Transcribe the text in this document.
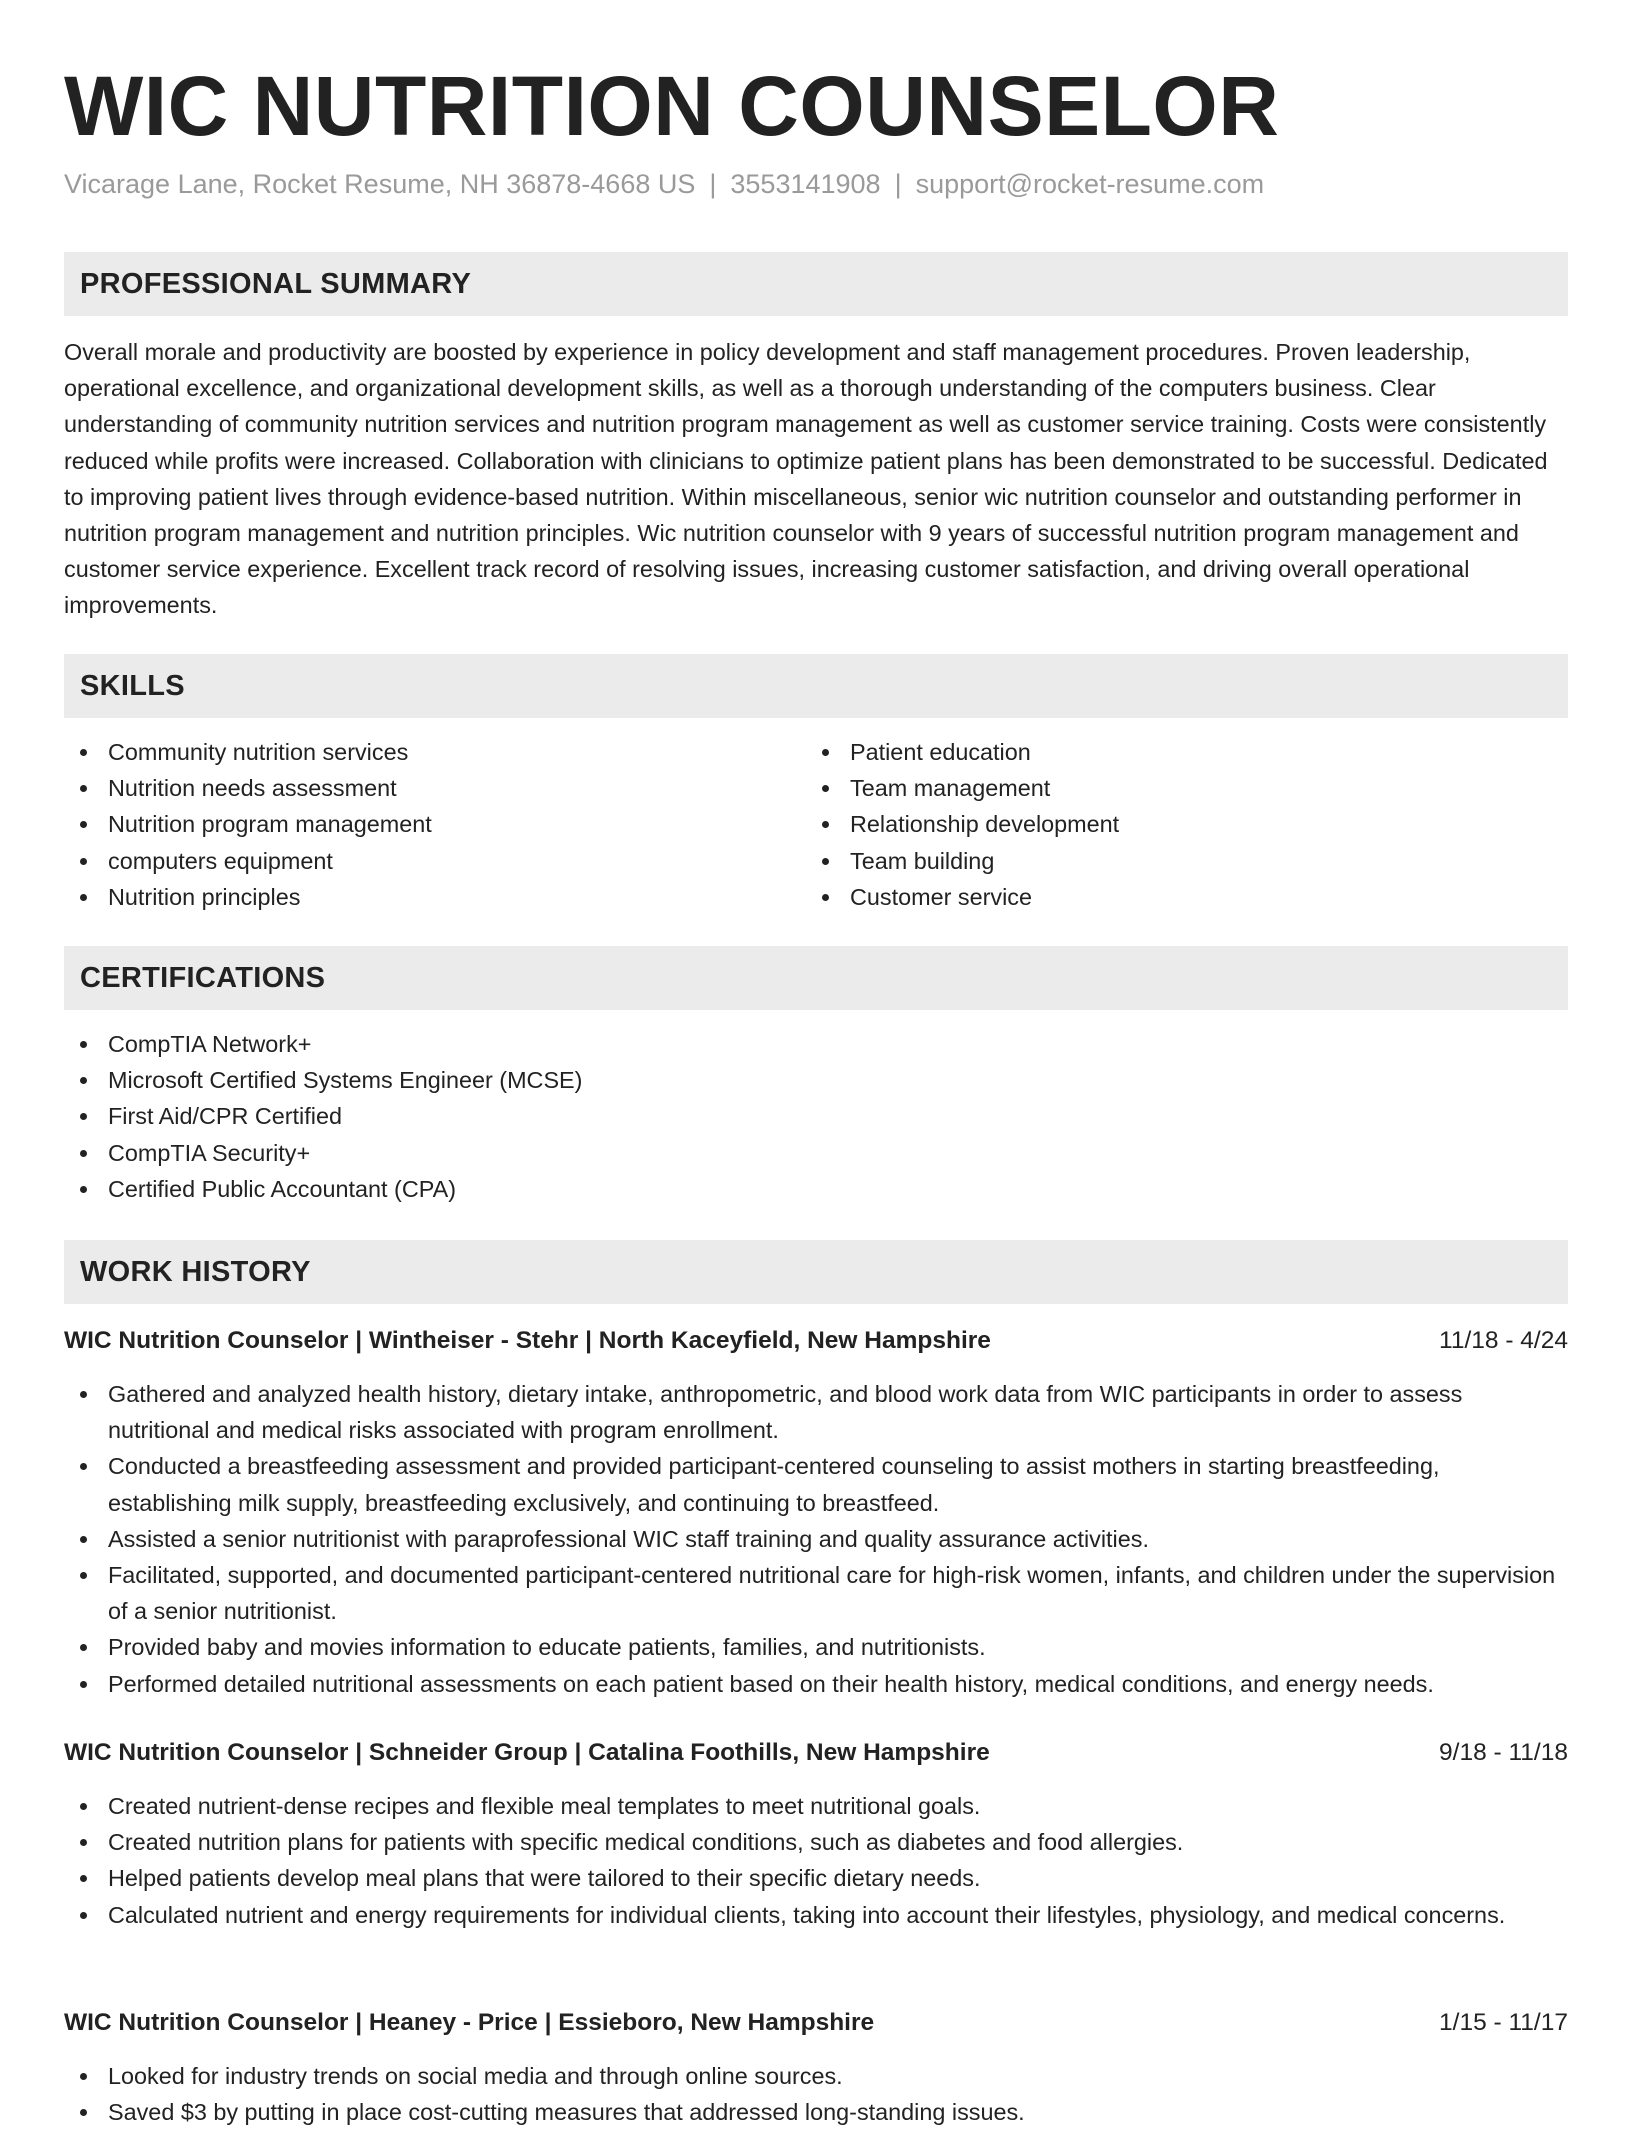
WIC NUTRITION COUNSELOR
Vicarage Lane, Rocket Resume, NH 36878-4668 US | 3553141908 | support@rocket-resume.com
PROFESSIONAL SUMMARY

Overall morale and productivity are boosted by experience in policy development and staff management procedures. Proven leadership, operational excellence, and organizational development skills, as well as a thorough understanding of the computers business. Clear understanding of community nutrition services and nutrition program management as well as customer service training. Costs were consistently reduced while profits were increased. Collaboration with clinicians to optimize patient plans has been demonstrated to be successful. Dedicated to improving patient lives through evidence-based nutrition. Within miscellaneous, senior wic nutrition counselor and outstanding performer in nutrition program management and nutrition principles. Wic nutrition counselor with 9 years of successful nutrition program management and customer service experience. Excellent track record of resolving issues, increasing customer satisfaction, and driving overall operational improvements.

SKILLS
Community nutrition services
Nutrition needs assessment
Nutrition program management
computers equipment
Nutrition principles
Patient education
Team management
Relationship development
Team building
Customer service
CERTIFICATIONS
CompTIA Network+
Microsoft Certified Systems Engineer (MCSE)
First Aid/CPR Certified
CompTIA Security+
Certified Public Accountant (CPA)
WORK HISTORY
WIC Nutrition Counselor | Wintheiser - Stehr | North Kaceyfield, New Hampshire	11/18 - 4/24
Gathered and analyzed health history, dietary intake, anthropometric, and blood work data from WIC participants in order to assess nutritional and medical risks associated with program enrollment.
Conducted a breastfeeding assessment and provided participant-centered counseling to assist mothers in starting breastfeeding, establishing milk supply, breastfeeding exclusively, and continuing to breastfeed.
Assisted a senior nutritionist with paraprofessional WIC staff training and quality assurance activities.
Facilitated, supported, and documented participant-centered nutritional care for high-risk women, infants, and children under the supervision of a senior nutritionist.
Provided baby and movies information to educate patients, families, and nutritionists.
Performed detailed nutritional assessments on each patient based on their health history, medical conditions, and energy needs.
WIC Nutrition Counselor | Schneider Group | Catalina Foothills, New Hampshire	9/18 - 11/18
Created nutrient-dense recipes and flexible meal templates to meet nutritional goals.
Created nutrition plans for patients with specific medical conditions, such as diabetes and food allergies.
Helped patients develop meal plans that were tailored to their specific dietary needs.
Calculated nutrient and energy requirements for individual clients, taking into account their lifestyles, physiology, and medical concerns.
WIC Nutrition Counselor | Heaney - Price | Essieboro, New Hampshire	1/15 - 11/17
Looked for industry trends on social media and through online sources.
Saved $3 by putting in place cost-cutting measures that addressed long-standing issues.
